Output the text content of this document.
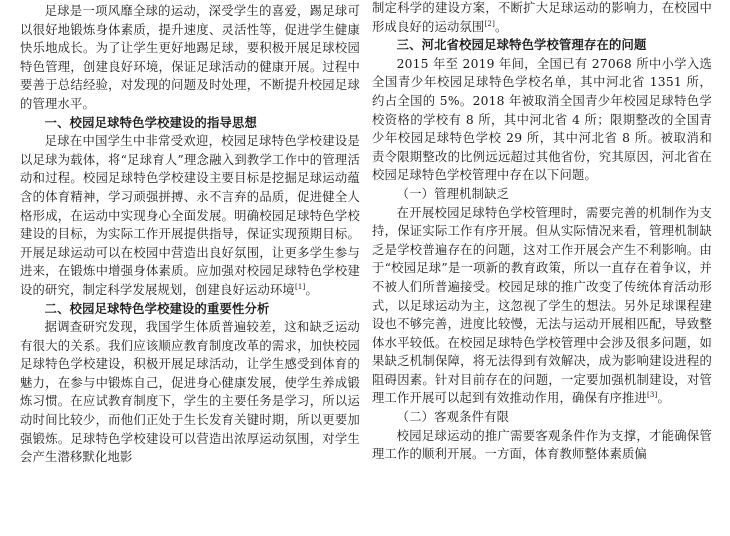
足球是一项风靡全球的运动，深受学生的喜爱，踢足球可以很好地锻炼身体素质，提升速度、灵活性等，促进学生健康快乐地成长。为了让学生更好地踢足球，要积极开展足球校园特色管理，创建良好环境，保证足球活动的健康开展。过程中要善于总结经验，对发现的问题及时处理，不断提升校园足球的管理水平。

一、校园足球特色学校建设的指导思想

足球在中国学生中非常受欢迎，校园足球特色学校建设是以足球为载体，将“足球育人”理念融入到教学工作中的管理活动和过程。校园足球特色学校建设主要目标是挖掘足球运动蕴含的体育精神，学习顽强拼搏、永不言弃的品质，促进健全人格形成，在运动中实现身心全面发展。明确校园足球特色学校建设的目标，为实际工作开展提供指导，保证实现预期目标。开展足球运动可以在校园中营造出良好氛围，让更多学生参与进来，在锻炼中增强身体素质。应加强对校园足球特色学校建设的研究，制定科学发展规划，创建良好运动环境[1]。

二、校园足球特色学校建设的重要性分析

据调查研究发现，我国学生体质普遍较差，这和缺乏运动有很大的关系。我们应该顺应教育制度改革的需求，加快校园足球特色学校建设，积极开展足球活动，让学生感受到体育的魅力，在参与中锻炼自己，促进身心健康发展，使学生养成锻炼习惯。在应试教育制度下，学生的主要任务是学习，所以运动时间比较少，而他们正处于生长发育关键时期，所以更要加强锻炼。足球特色学校建设可以营造出浓厚运动氛围，对学生会产生潜移默化地影

制定科学的建设方案，不断扩大足球运动的影响力，在校园中形成良好的运动氛围[2]。

三、河北省校园足球特色学校管理存在的问题

2015 年至 2019 年间，全国已有 27068 所中小学入选全国青少年校园足球特色学校名单，其中河北省 1351 所，约占全国的 5%。2018 年被取消全国青少年校园足球特色学校资格的学校有 8 所，其中河北省 4 所；限期整改的全国青少年校园足球特色学校 29 所，其中河北省 8 所。被取消和责令限期整改的比例远远超过其他省份，究其原因，河北省在校园足球特色学校管理中存在以下问题。

（一）管理机制缺乏

在开展校园足球特色学校管理时，需要完善的机制作为支持，保证实际工作有序开展。但从实际情况来看，管理机制缺乏是学校普遍存在的问题，这对工作开展会产生不利影响。由于“校园足球”是一项新的教育政策，所以一直存在着争议，并不被人们所普遍接受。校园足球的推广改变了传统体育活动形式，以足球运动为主，这忽视了学生的想法。另外足球课程建设也不够完善，进度比较慢，无法与运动开展相匹配，导致整体水平较低。在校园足球特色学校管理中会涉及很多问题，如果缺乏机制保障，将无法得到有效解决，成为影响建设进程的阻碍因素。针对目前存在的问题，一定要加强机制建设，对管理工作开展可以起到有效推动作用，确保有序推进[3]。

（二）客观条件有限

校园足球运动的推广需要客观条件作为支撑，才能确保管理工作的顺利开展。一方面，体育教师整体素质偏
